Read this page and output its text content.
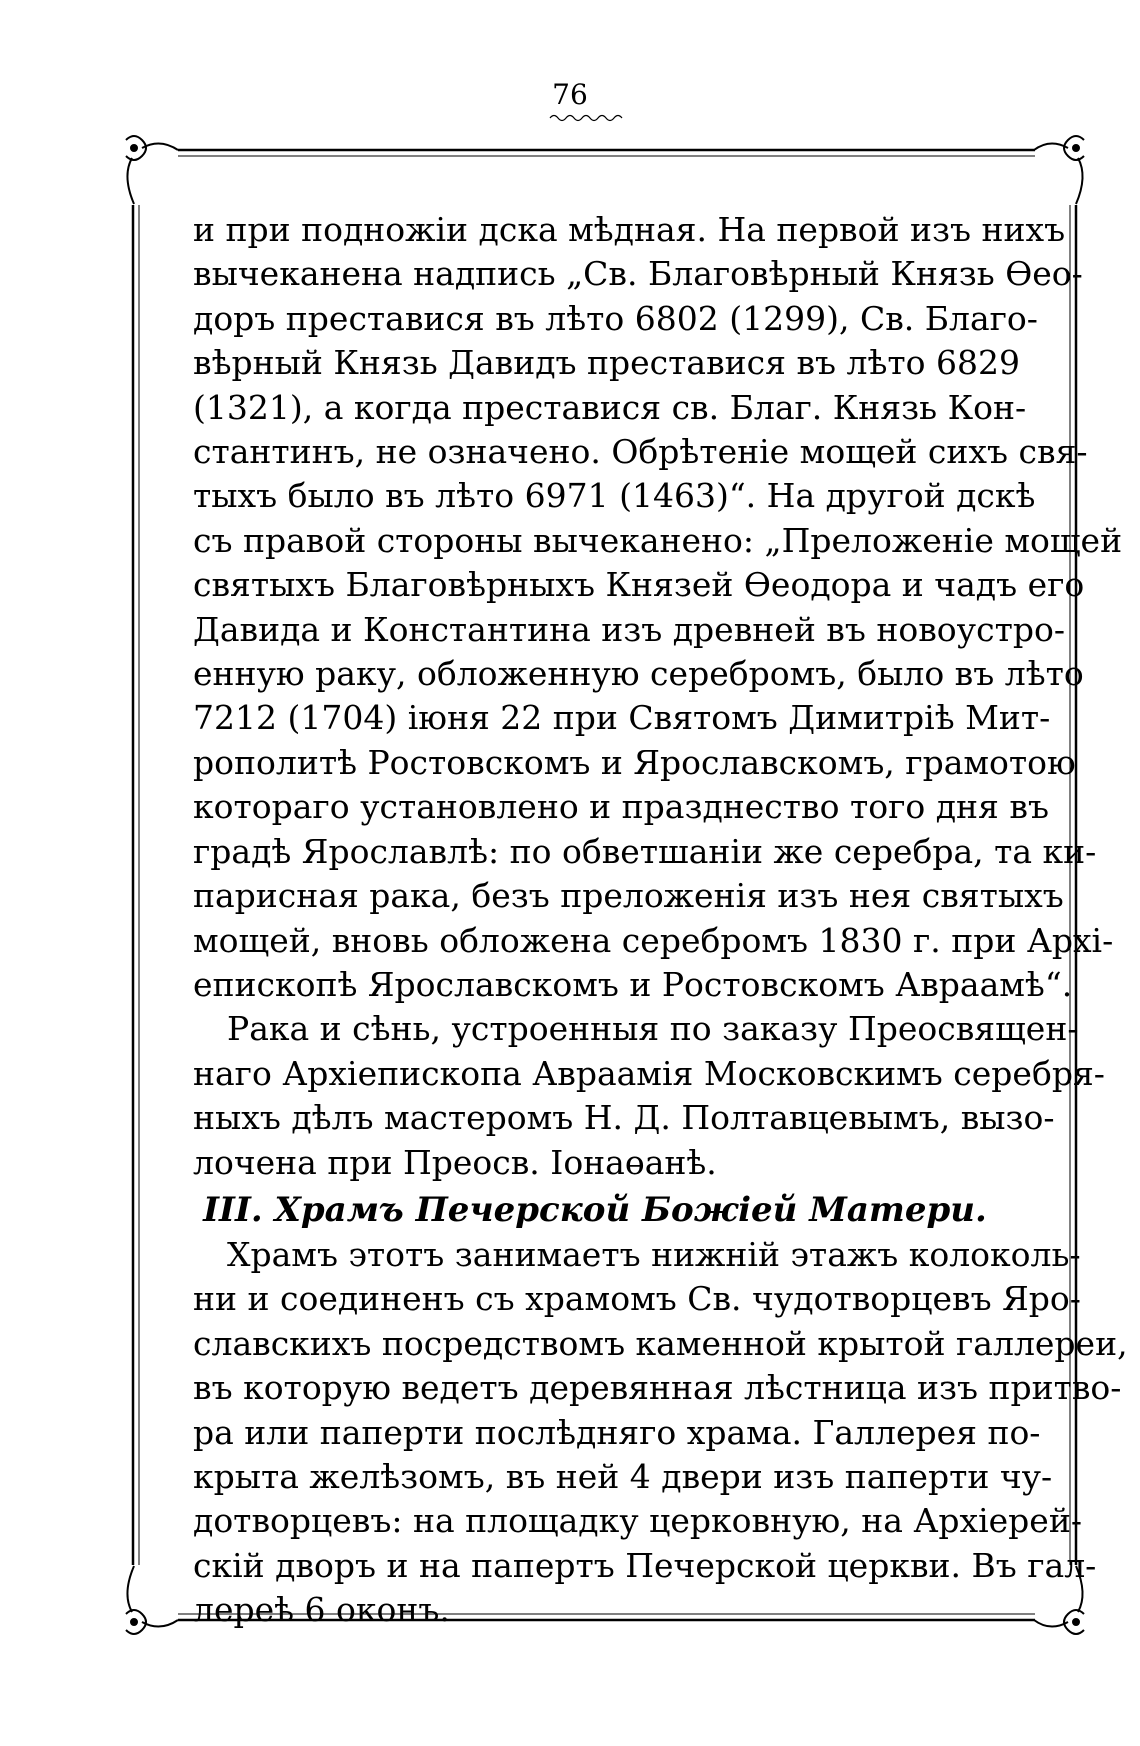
76

и при подножiи дска мѣдная. На первой изъ нихъ
вычеканена надпись „Св. Благовѣрный Князь Өео-
доръ преставися въ лѣто 6802 (1299), Св. Благо-
вѣрный Князь Давидъ преставися въ лѣто 6829
(1321), а когда преставися св. Благ. Князь Кон-
стантинъ, не означено. Обрѣтенiе мощей сихъ свя-
тыхъ было въ лѣто 6971 (1463)“. На другой дскѣ
съ правой стороны вычеканено: „Преложенiе мощей
святыхъ Благовѣрныхъ Князей Өеодора и чадъ его
Давида и Константина изъ древней въ новоустро-
енную раку, обложенную серебромъ, было въ лѣто
7212 (1704) iюня 22 при Святомъ Димитрiѣ Мит-
рополитѣ Ростовскомъ и Ярославскомъ, грамотою
котораго установлено и празднество того дня въ
градѣ Ярославлѣ: по обветшанiи же серебра, та ки-
парисная рака, безъ преложенiя изъ нея святыхъ
мощей, вновь обложена серебромъ 1830 г. при Архi-
епископѣ Ярославскомъ и Ростовскомъ Авраамѣ“.

Рака и сѣнь, устроенныя по заказу Преосвящен-
наго Архiепископа Авраамiя Московскимъ серебря-
ныхъ дѣлъ мастеромъ Н. Д. Полтавцевымъ, вызо-
лочена при Преосв. Iонаөанѣ.

III. Храмъ Печерской Божiей Матери.

Храмъ этотъ занимаетъ нижнiй этажъ колоколь-
ни и соединенъ съ храмомъ Св. чудотворцевъ Яро-
славскихъ посредствомъ каменной крытой галлереи,
въ которую ведетъ деревянная лѣстница изъ притво-
ра или паперти послѣдняго храма. Галлерея по-
крыта желѣзомъ, въ ней 4 двери изъ паперти чу-
дотворцевъ: на площадку церковную, на Архiерей-
скiй дворъ и на папертъ Печерской церкви. Въ гал-
лереѣ 6 оконъ.
